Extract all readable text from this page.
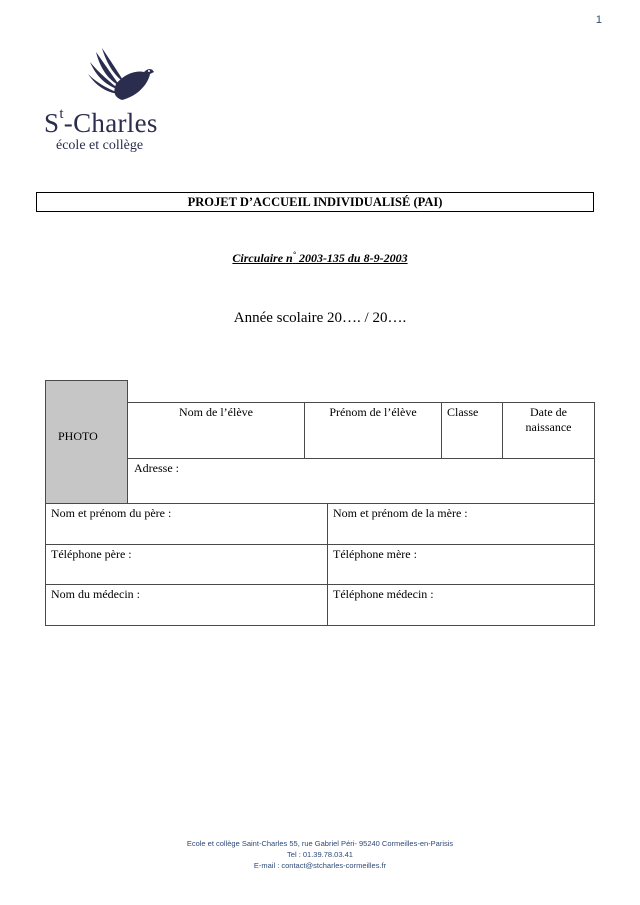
1
$S^t$-Charles
école et collège
PROJET D’ACCUEIL INDIVIDUALISÉ (PAI)
Circulaire n° 2003-135 du 8-9-2003
Année scolaire 20…. / 20….
PHOTO
Nom de l’élève	Prénom de l’élève	Classe	Date de
naissance
Adresse :
Nom et prénom du père :	Nom et prénom de la mère :
Téléphone père :	Téléphone mère :
Nom du médecin :	Téléphone médecin :
Ecole et collège Saint-Charles 55, rue Gabriel Péri- 95240 Cormeilles-en-Parisis
Tel : 01.39.78.03.41
E-mail : contact@stcharles-cormeilles.fr
